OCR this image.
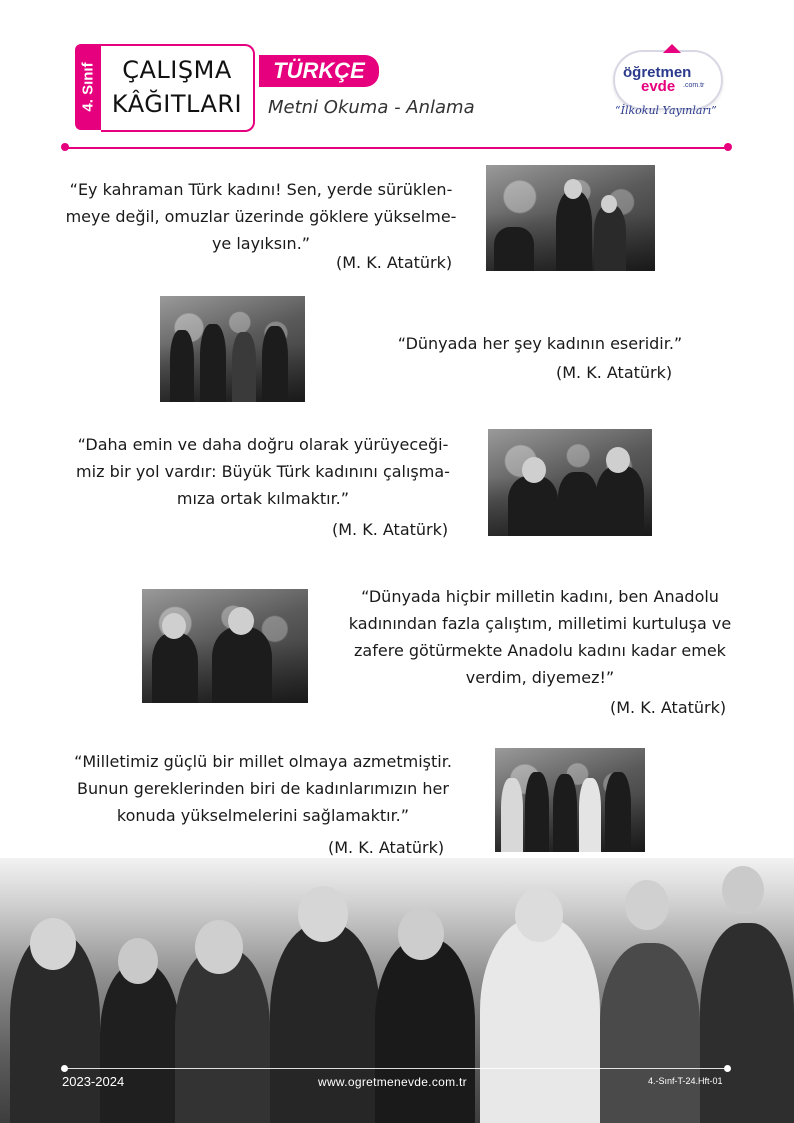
4. Sınıf	ÇALIŞMA
KÂĞITLARI
TÜRKÇE
Metni Okuma - Anlama
öğretmen
evde .com.tr
“İlkokul Yayınları”
“Ey kahraman Türk kadını! Sen, yerde sürüklen-
meye değil, omuzlar üzerinde göklere yükselme-
ye layıksın.”
(M. K. Atatürk)
“Dünyada her şey kadının eseridir.”
(M. K. Atatürk)
“Daha emin ve daha doğru olarak yürüyeceği-
miz bir yol vardır: Büyük Türk kadınını çalışma-
mıza ortak kılmaktır.”
(M. K. Atatürk)
“Dünyada hiçbir milletin kadını, ben Anadolu
kadınından fazla çalıştım, milletimi kurtuluşa ve
zafere götürmekte Anadolu kadını kadar emek
verdim, diyemez!”
(M. K. Atatürk)
“Milletimiz güçlü bir millet olmaya azmetmiştir.
Bunun gereklerinden biri de kadınlarımızın her
konuda yükselmelerini sağlamaktır.”
(M. K. Atatürk)
2023-2024	www.ogretmenevde.com.tr	4.-Sınf-T-24.Hft-01
